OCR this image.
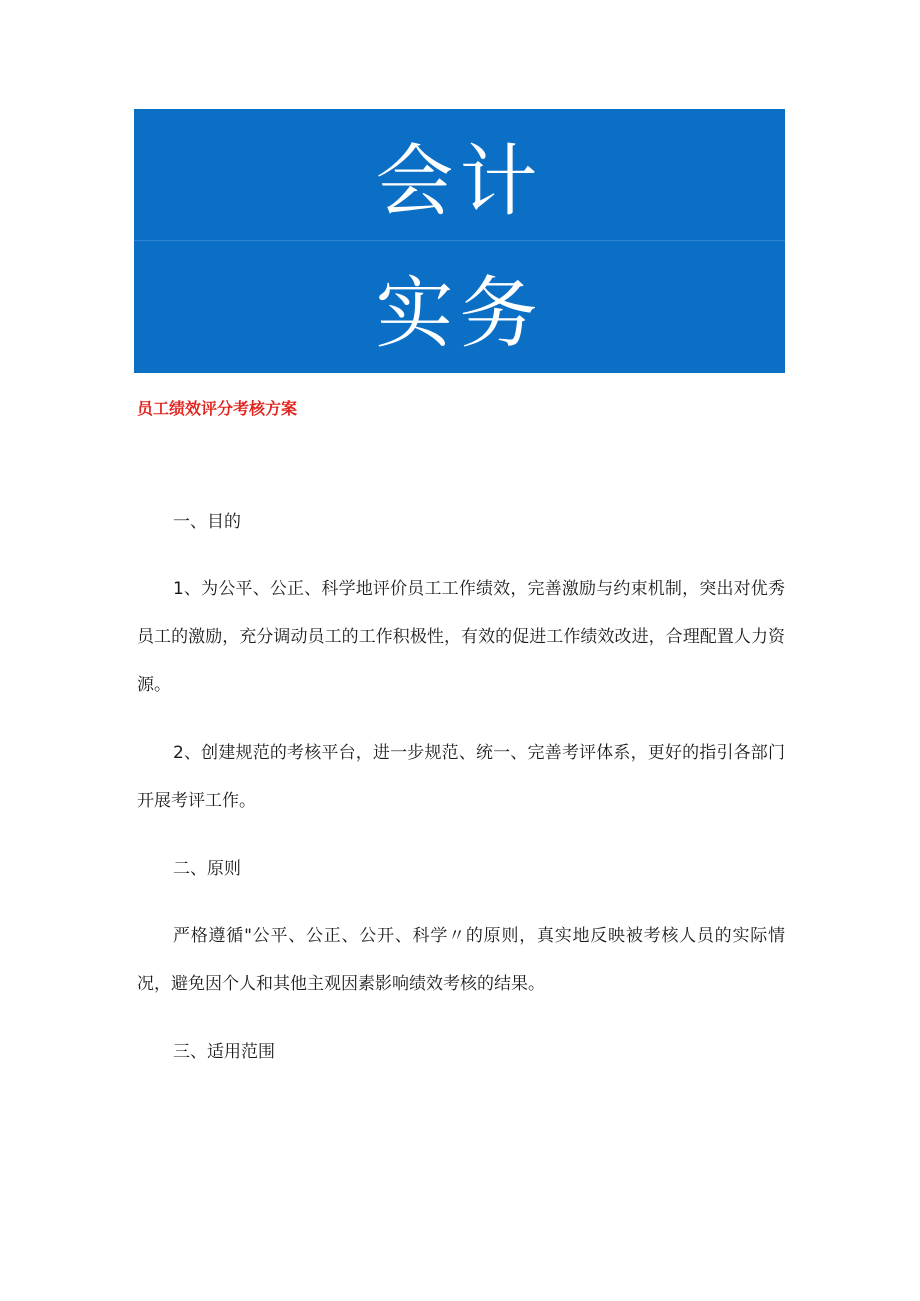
会计
实务
员工绩效评分考核方案
一、目的
1、为公平、公正、科学地评价员工工作绩效，完善激励与约束机制，突出对优秀员工的激励，充分调动员工的工作积极性，有效的促进工作绩效改进，合理配置人力资源。
2、创建规范的考核平台，进一步规范、统一、完善考评体系，更好的指引各部门开展考评工作。
二、原则
严格遵循"公平、公正、公开、科学〃的原则，真实地反映被考核人员的实际情况，避免因个人和其他主观因素影响绩效考核的结果。
三、适用范围
